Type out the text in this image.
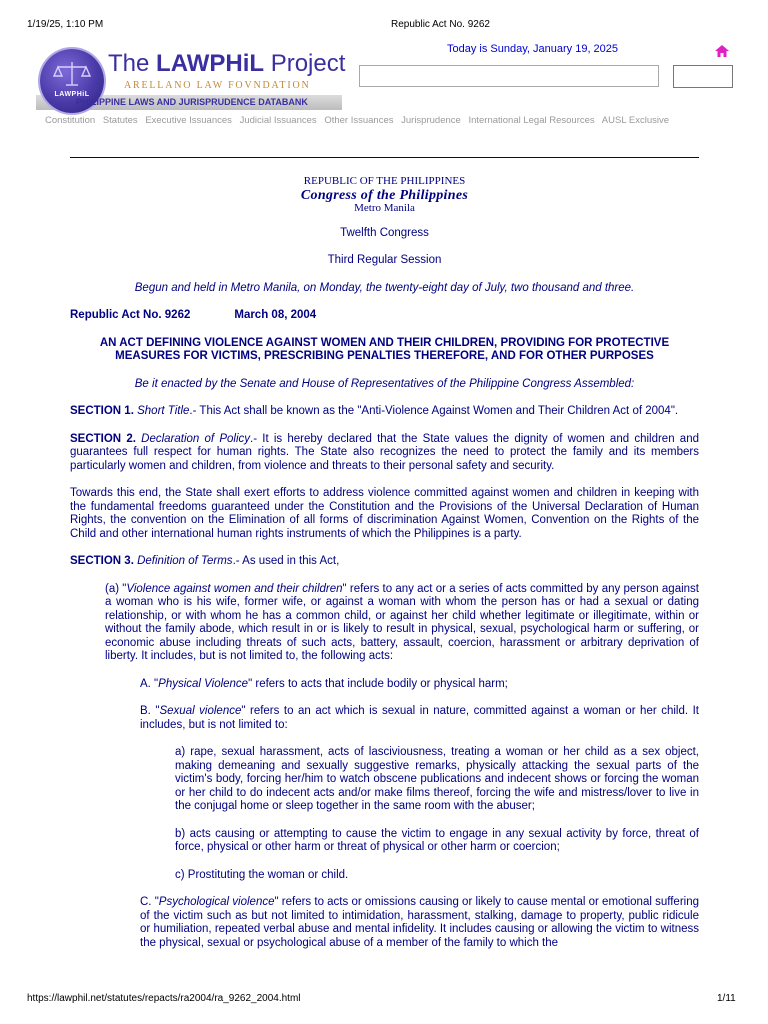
1/19/25, 1:10 PM	Republic Act No. 9262
LAWPHiL
The LAWPHiL Project
ARELLANO LAW FOVNDATION
PHILIPPINE LAWS AND JURISPRUDENCE DATABANK
Today is Sunday, January 19, 2025
Constitution Statutes Executive Issuances Judicial Issuances Other Issuances Jurisprudence International Legal Resources AUSL Exclusive

REPUBLIC OF THE PHILIPPINES

Congress of the Philippines

Metro Manila

Twelfth Congress

Third Regular Session

Begun and held in Metro Manila, on Monday, the twenty-eight day of July, two thousand and three.

Republic Act No. 9262	March 08, 2004

AN ACT DEFINING VIOLENCE AGAINST WOMEN AND THEIR CHILDREN, PROVIDING FOR PROTECTIVE MEASURES FOR VICTIMS, PRESCRIBING PENALTIES THEREFORE, AND FOR OTHER PURPOSES

Be it enacted by the Senate and House of Representatives of the Philippine Congress Assembled:

SECTION 1. Short Title.- This Act shall be known as the "Anti-Violence Against Women and Their Children Act of 2004".

SECTION 2. Declaration of Policy.- It is hereby declared that the State values the dignity of women and children and guarantees full respect for human rights. The State also recognizes the need to protect the family and its members particularly women and children, from violence and threats to their personal safety and security.

Towards this end, the State shall exert efforts to address violence committed against women and children in keeping with the fundamental freedoms guaranteed under the Constitution and the Provisions of the Universal Declaration of Human Rights, the convention on the Elimination of all forms of discrimination Against Women, Convention on the Rights of the Child and other international human rights instruments of which the Philippines is a party.

SECTION 3. Definition of Terms.- As used in this Act,

(a) "Violence against women and their children" refers to any act or a series of acts committed by any person against a woman who is his wife, former wife, or against a woman with whom the person has or had a sexual or dating relationship, or with whom he has a common child, or against her child whether legitimate or illegitimate, within or without the family abode, which result in or is likely to result in physical, sexual, psychological harm or suffering, or economic abuse including threats of such acts, battery, assault, coercion, harassment or arbitrary deprivation of liberty. It includes, but is not limited to, the following acts:

A. "Physical Violence" refers to acts that include bodily or physical harm;

B. "Sexual violence" refers to an act which is sexual in nature, committed against a woman or her child. It includes, but is not limited to:

a) rape, sexual harassment, acts of lasciviousness, treating a woman or her child as a sex object, making demeaning and sexually suggestive remarks, physically attacking the sexual parts of the victim's body, forcing her/him to watch obscene publications and indecent shows or forcing the woman or her child to do indecent acts and/or make films thereof, forcing the wife and mistress/lover to live in the conjugal home or sleep together in the same room with the abuser;

b) acts causing or attempting to cause the victim to engage in any sexual activity by force, threat of force, physical or other harm or threat of physical or other harm or coercion;

c) Prostituting the woman or child.

C. "Psychological violence" refers to acts or omissions causing or likely to cause mental or emotional suffering of the victim such as but not limited to intimidation, harassment, stalking, damage to property, public ridicule or humiliation, repeated verbal abuse and mental infidelity. It includes causing or allowing the victim to witness the physical, sexual or psychological abuse of a member of the family to which the

https://lawphil.net/statutes/repacts/ra2004/ra_9262_2004.html	1/11
